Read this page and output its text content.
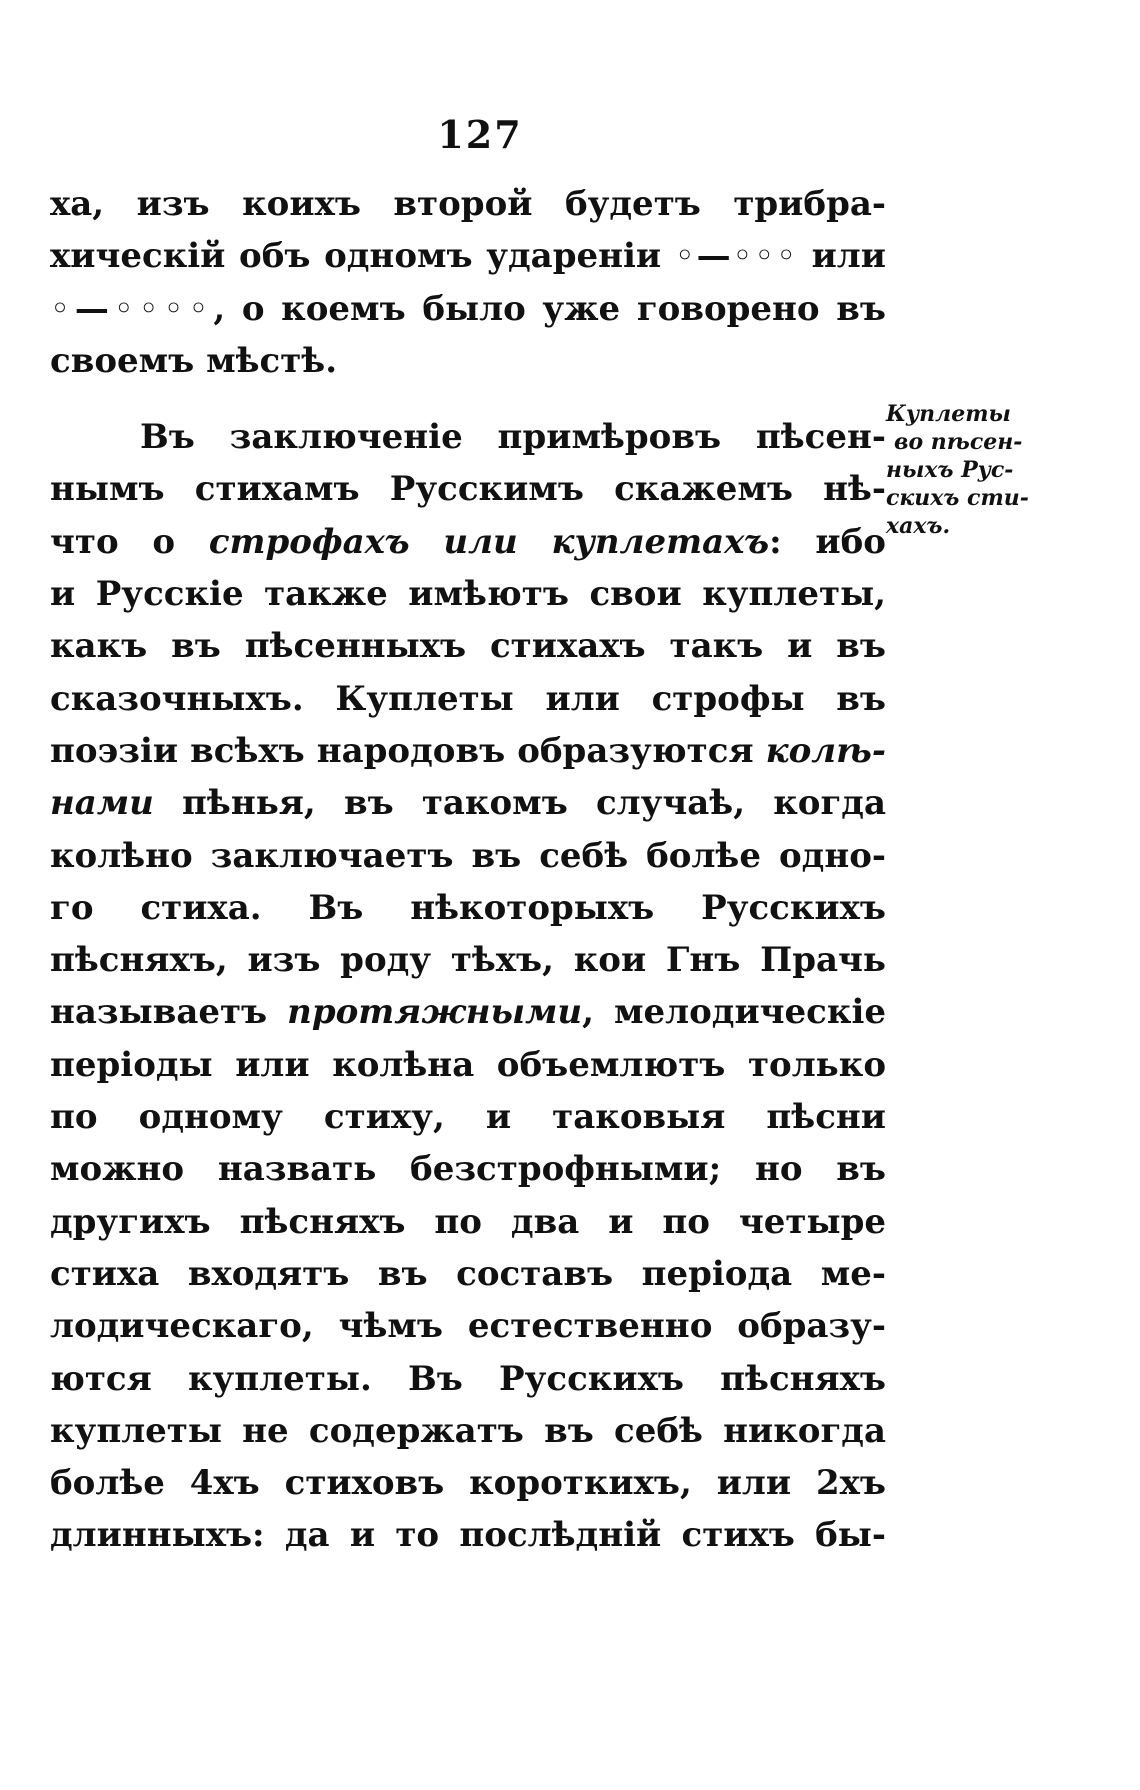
127
ха, изъ коихъ второй будетъ трибра-
хическій объ одномъ удареніи ◦—◦◦◦ или
◦—◦◦◦◦, о коемъ было уже говорено въ
своемъ мѣстѣ.
Въ заключеніе примѣровъ пѣсен-
нымъ стихамъ Русскимъ скажемъ нѣ-
что о строфахъ или куплетахъ: ибо
и Русскіе также имѣютъ свои куплеты,
какъ въ пѣсенныхъ стихахъ такъ и въ
сказочныхъ. Куплеты или строфы въ
поэзіи всѣхъ народовъ образуются колѣ-
нами пѣнья, въ такомъ случаѣ, когда
колѣно заключаетъ въ себѣ болѣе одно-
го стиха. Въ нѣкоторыхъ Русскихъ
пѣсняхъ, изъ роду тѣхъ, кои Гнъ Прачь
называетъ протяжными, мелодическіе
періоды или колѣна объемлютъ только
по одному стиху, и таковыя пѣсни
можно назвать безстрофными; но въ
другихъ пѣсняхъ по два и по четыре
стиха входятъ въ составъ періода ме-
лодическаго, чѣмъ естественно образу-
ются куплеты. Въ Русскихъ пѣсняхъ
куплеты не содержатъ въ себѣ никогда
болѣе 4хъ стиховъ короткихъ, или 2хъ
длинныхъ: да и то послѣдній стихъ бы-
Куплеты
во пѣсен-
ныхъ Рус-
скихъ сти-
хахъ.
